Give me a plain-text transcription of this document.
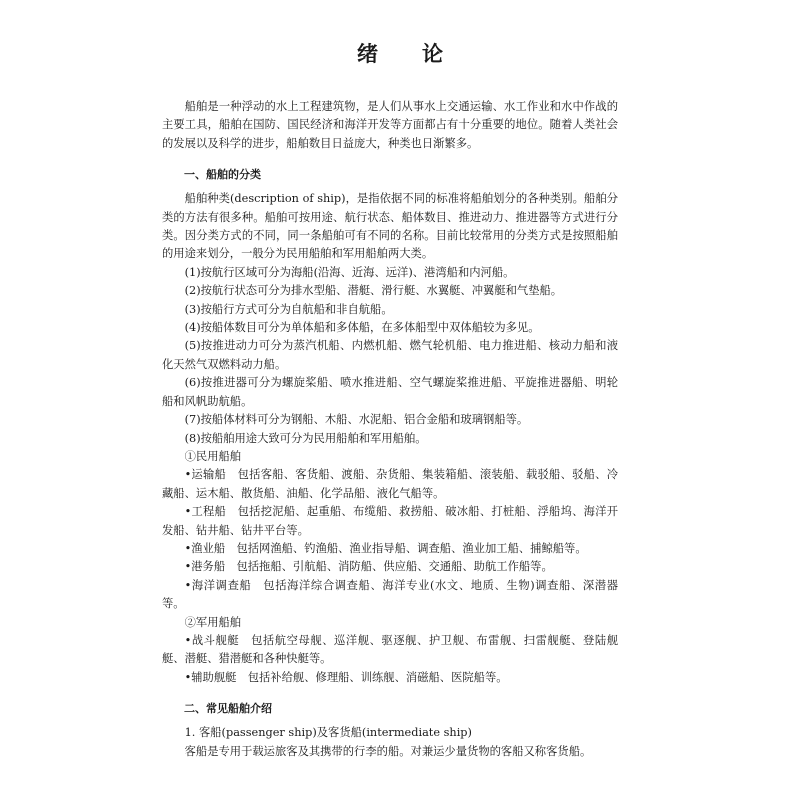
绪论

船舶是一种浮动的水上工程建筑物，是人们从事水上交通运输、水工作业和水中作战的主要工具，船舶在国防、国民经济和海洋开发等方面都占有十分重要的地位。随着人类社会的发展以及科学的进步，船舶数目日益庞大，种类也日渐繁多。

一、船舶的分类

船舶种类(description of ship)，是指依据不同的标准将船舶划分的各种类别。船舶分类的方法有很多种。船舶可按用途、航行状态、船体数目、推进动力、推进器等方式进行分类。因分类方式的不同，同一条船舶可有不同的名称。目前比较常用的分类方式是按照船舶的用途来划分，一般分为民用船舶和军用船舶两大类。

(1)按航行区域可分为海船(沿海、近海、远洋)、港湾船和内河船。

(2)按航行状态可分为排水型船、潜艇、滑行艇、水翼艇、冲翼艇和气垫船。

(3)按船行方式可分为自航船和非自航船。

(4)按船体数目可分为单体船和多体船，在多体船型中双体船较为多见。

(5)按推进动力可分为蒸汽机船、内燃机船、燃气轮机船、电力推进船、核动力船和液化天然气双燃料动力船。

(6)按推进器可分为螺旋桨船、喷水推进船、空气螺旋桨推进船、平旋推进器船、明轮船和风帆助航船。

(7)按船体材料可分为钢船、木船、水泥船、铝合金船和玻璃钢船等。

(8)按船舶用途大致可分为民用船舶和军用船舶。

①民用船舶

•运输船　包括客船、客货船、渡船、杂货船、集装箱船、滚装船、载驳船、驳船、冷藏船、运木船、散货船、油船、化学品船、液化气船等。

•工程船　包括挖泥船、起重船、布缆船、救捞船、破冰船、打桩船、浮船坞、海洋开发船、钻井船、钻井平台等。

•渔业船　包括网渔船、钓渔船、渔业指导船、调查船、渔业加工船、捕鲸船等。

•港务船　包括拖船、引航船、消防船、供应船、交通船、助航工作船等。

•海洋调查船　包括海洋综合调查船、海洋专业(水文、地质、生物)调查船、深潜器等。

②军用船舶

•战斗舰艇　包括航空母舰、巡洋舰、驱逐舰、护卫舰、布雷舰、扫雷舰艇、登陆舰艇、潜艇、猎潜艇和各种快艇等。

•辅助舰艇　包括补给舰、修理船、训练舰、消磁船、医院船等。

二、常见船舶介绍

1. 客船(passenger ship)及客货船(intermediate ship)

客船是专用于载运旅客及其携带的行李的船。对兼运少量货物的客船又称客货船。
